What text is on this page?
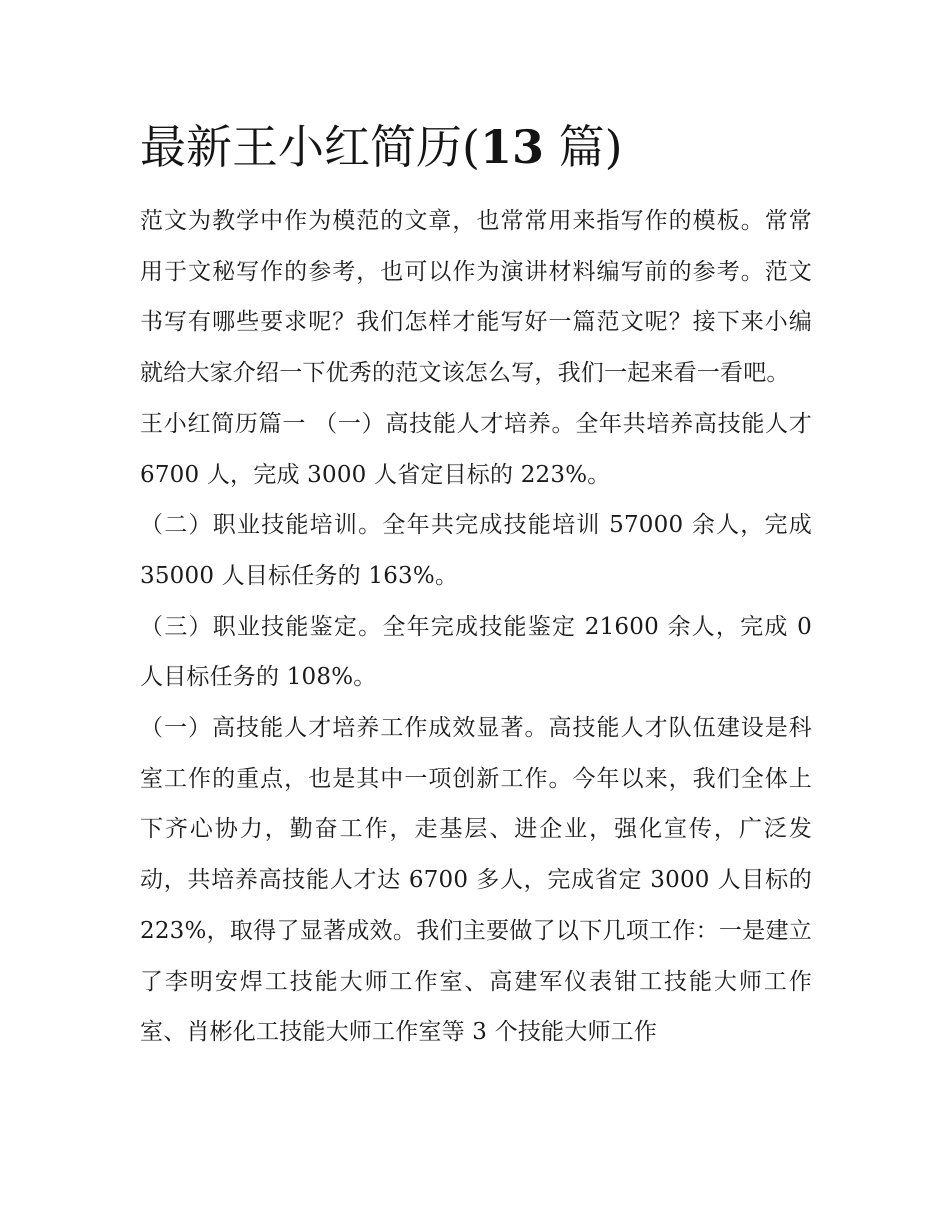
最新王小红简历(13 篇)

范文为教学中作为模范的文章，也常常用来指写作的模板。常常用于文秘写作的参考，也可以作为演讲材料编写前的参考。范文书写有哪些要求呢？我们怎样才能写好一篇范文呢？接下来小编就给大家介绍一下优秀的范文该怎么写，我们一起来看一看吧。

王小红简历篇一 （一）高技能人才培养。全年共培养高技能人才 6700 人，完成 3000 人省定目标的 223%。

（二）职业技能培训。全年共完成技能培训 57000 余人，完成 35000 人目标任务的 163%。

（三）职业技能鉴定。全年完成技能鉴定 21600 余人，完成 0 人目标任务的 108%。

（一）高技能人才培养工作成效显著。高技能人才队伍建设是科室工作的重点，也是其中一项创新工作。今年以来，我们全体上下齐心协力，勤奋工作，走基层、进企业，强化宣传，广泛发动，共培养高技能人才达 6700 多人，完成省定 3000 人目标的 223%，取得了显著成效。我们主要做了以下几项工作：一是建立了李明安焊工技能大师工作室、高建军仪表钳工技能大师工作室、肖彬化工技能大师工作室等 3 个技能大师工作
